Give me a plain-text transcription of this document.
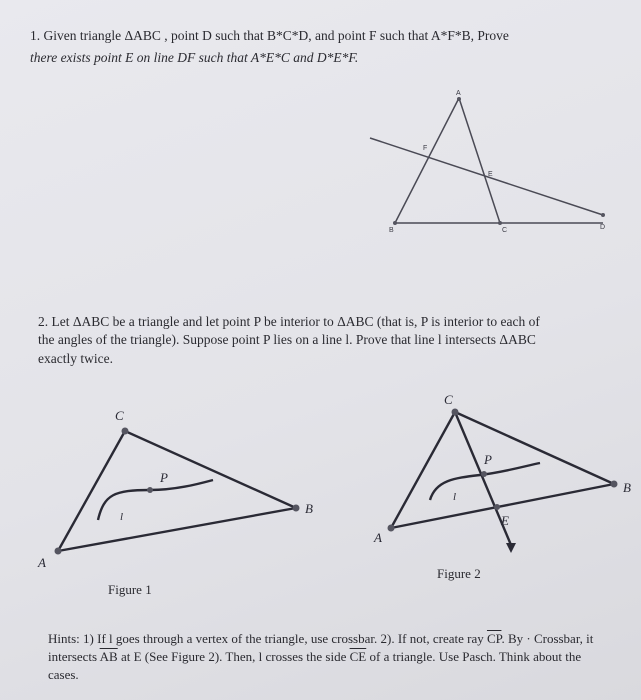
1. Given triangle ΔABC , point D such that B*C*D, and point F such that A*F*B, Prove
there exists point E on line DF such that A*E*C and D*E*F.
A
F
E
B	C	D
2. Let ΔABC be a triangle and let point P be interior to ΔABC (that is, P is interior to each of
the angles of the triangle). Suppose point P lies on a line l. Prove that line l intersects ΔABC
exactly twice.
C
P
l
B
A
Figure 1
C
P
l
B
A
E
Figure 2
Hints: 1) If l goes through a vertex of the triangle, use crossbar. 2). If not, create ray $\overline{CP}$. By · Crossbar, it intersects $\overline{AB}$ at E (See Figure 2). Then, l crosses the side $\overline{CE}$ of a triangle. Use Pasch. Think about the cases.
